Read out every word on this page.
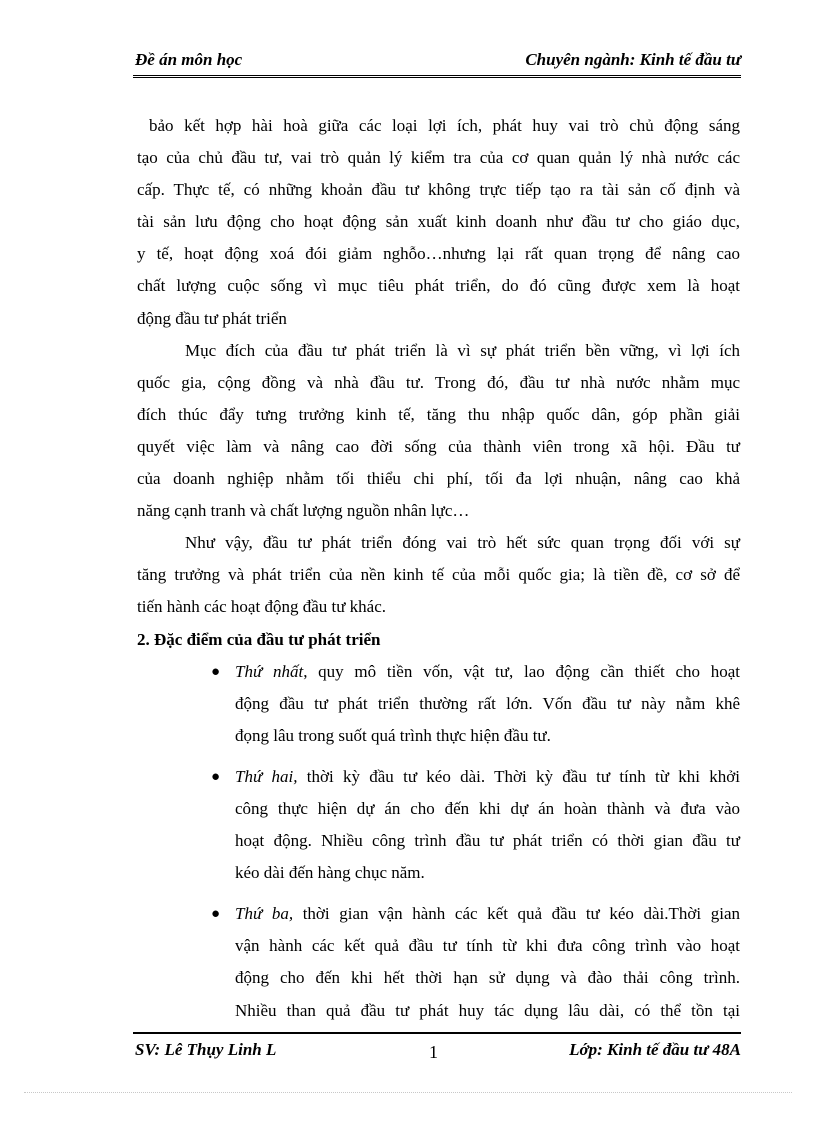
Đề án môn học	Chuyên ngành: Kinh tế đầu tư
bảo kết hợp hài hoà giữa các loại lợi ích, phát huy vai trò chủ động sáng
tạo của chủ đầu tư, vai trò quản lý kiểm tra của cơ quan quản lý nhà nước các
cấp. Thực tế, có những khoản đầu tư không trực tiếp tạo ra tài sản cố định và
tài sản lưu động cho hoạt động sản xuất kinh doanh như đầu tư cho giáo dục,
y tế, hoạt động xoá đói giảm nghỗo…nhưng lại rất quan trọng để nâng cao
chất lượng cuộc sống vì mục tiêu phát triển, do đó cũng được xem là hoạt
động đầu tư phát triển
Mục đích của đầu tư phát triển là vì sự phát triển bền vững, vì lợi ích
quốc gia, cộng đồng và nhà đầu tư. Trong đó, đầu tư nhà nước nhằm mục
đích thúc đẩy tưng trưởng kinh tế, tăng thu nhập quốc dân, góp phần giải
quyết việc làm và nâng cao đời sống của thành viên trong xã hội. Đầu tư
của doanh nghiệp nhằm tối thiểu chi phí, tối đa lợi nhuận, nâng cao khả
năng cạnh tranh và chất lượng nguồn nhân lực…
Như vậy, đầu tư phát triển đóng vai trò hết sức quan trọng đối với sự
tăng trưởng và phát triển của nền kinh tế của mỗi quốc gia; là tiền đề, cơ sở để
tiến hành các hoạt động đầu tư khác.
2. Đặc điểm của đầu tư phát triển
● Thứ nhất, quy mô tiền vốn, vật tư, lao động cần thiết cho hoạt
động đầu tư phát triển thường rất lớn. Vốn đầu tư này nằm khê
đọng lâu trong suốt quá trình thực hiện đầu tư.
● Thứ hai, thời kỳ đầu tư kéo dài. Thời kỳ đầu tư tính từ khi khởi
công thực hiện dự án cho đến khi dự án hoàn thành và đưa vào
hoạt động. Nhiều công trình đầu tư phát triển có thời gian đầu tư
kéo dài đến hàng chục năm.
● Thứ ba, thời gian vận hành các kết quả đầu tư kéo dài.Thời gian
vận hành các kết quả đầu tư tính từ khi đưa công trình vào hoạt
động cho đến khi hết thời hạn sử dụng và đào thải công trình.
Nhiều than quả đầu tư phát huy tác dụng lâu dài, có thể tồn tại
SV: Lê Thụy Linh L	1	Lớp: Kinh tế đầu tư 48A
